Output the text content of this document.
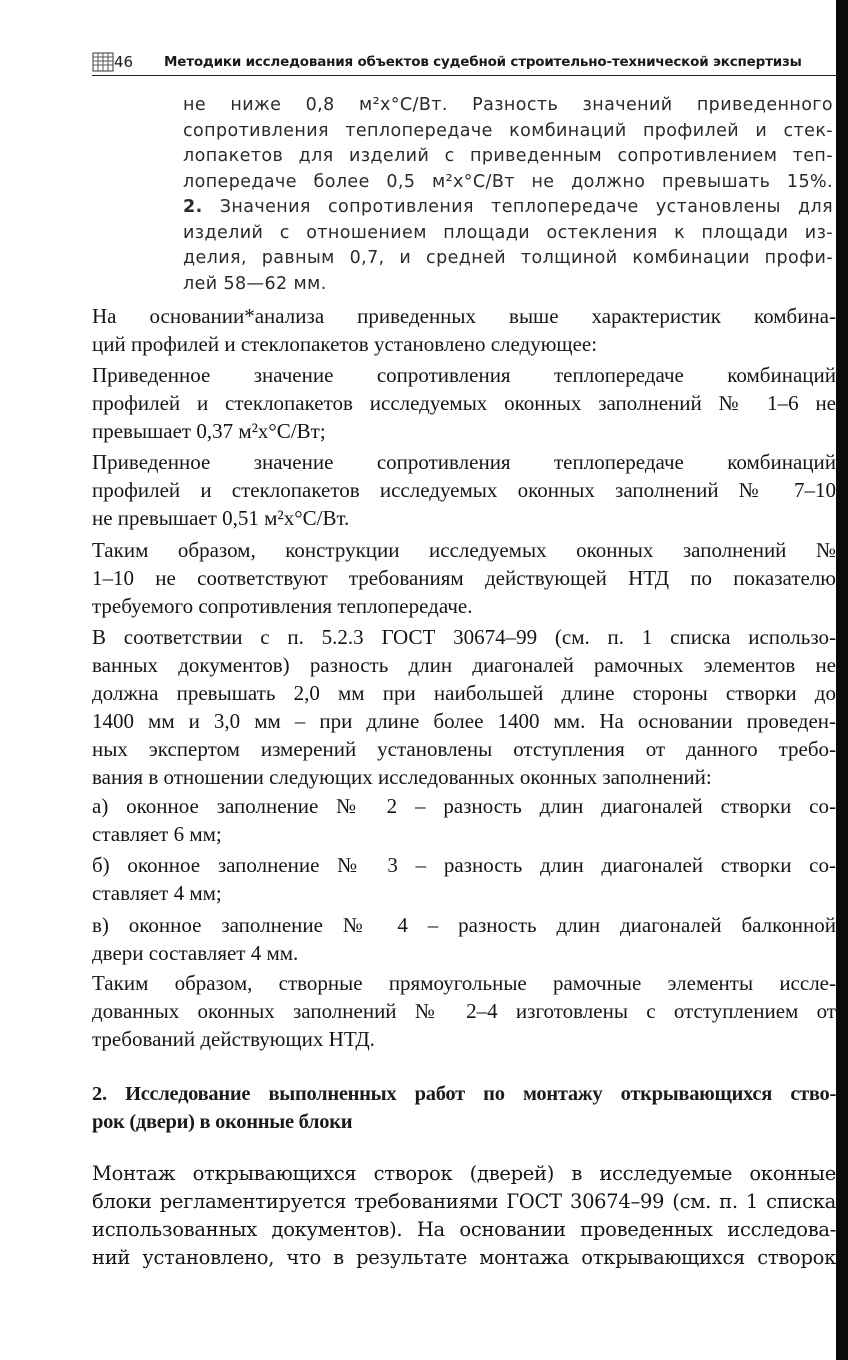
46 Методики исследования объектов судебной строительно-технической экспертизы
не ниже 0,8 м²х°С/Вт. Разность значений приведенного
сопротивления теплопередаче комбинаций профилей и стек-
лопакетов для изделий с приведенным сопротивлением теп-
лопередаче более 0,5 м²х°С/Вт не должно превышать 15%.
2. Значения сопротивления теплопередаче установлены для
изделий с отношением площади остекления к площади из-
делия, равным 0,7, и средней толщиной комбинации профи-
лей 58—62 мм.
На основании*анализа приведенных выше характеристик комбина-
ций профилей и стеклопакетов установлено следующее:
Приведенное значение сопротивления теплопередаче комбинаций
профилей и стеклопакетов исследуемых оконных заполнений № 1–6 не
превышает 0,37 м²х°С/Вт;
Приведенное значение сопротивления теплопередаче комбинаций
профилей и стеклопакетов исследуемых оконных заполнений № 7–10
не превышает 0,51 м²х°С/Вт.
Таким образом, конструкции исследуемых оконных заполнений №
1–10 не соответствуют требованиям действующей НТД по показателю
требуемого сопротивления теплопередаче.
В соответствии с п. 5.2.3 ГОСТ 30674–99 (см. п. 1 списка использо-
ванных документов) разность длин диагоналей рамочных элементов не
должна превышать 2,0 мм при наибольшей длине стороны створки до
1400 мм и 3,0 мм – при длине более 1400 мм. На основании проведен-
ных экспертом измерений установлены отступления от данного требо-
вания в отношении следующих исследованных оконных заполнений:
а) оконное заполнение № 2 – разность длин диагоналей створки со-
ставляет 6 мм;
б) оконное заполнение № 3 – разность длин диагоналей створки со-
ставляет 4 мм;
в) оконное заполнение № 4 – разность длин диагоналей балконной
двери составляет 4 мм.
Таким образом, створные прямоугольные рамочные элементы иссле-
дованных оконных заполнений № 2–4 изготовлены с отступлением от
требований действующих НТД.
2. Исследование выполненных работ по монтажу открывающихся ство-
рок (двери) в оконные блоки
Монтаж открывающихся створок (дверей) в исследуемые оконные
блоки регламентируется требованиями ГОСТ 30674–99 (см. п. 1 списка
использованных документов). На основании проведенных исследова-
ний установлено, что в результате монтажа открывающихся створок
